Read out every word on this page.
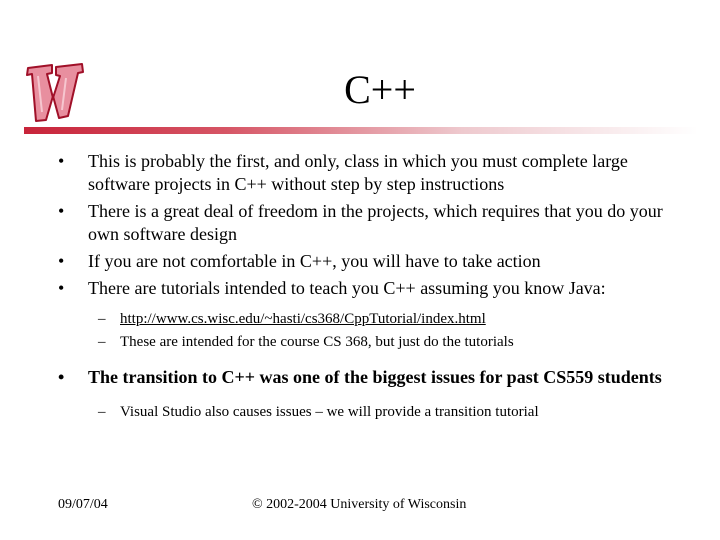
C++
• This is probably the first, and only, class in which you must complete large software projects in C++ without step by step instructions
• There is a great deal of freedom in the projects, which requires that you do your own software design
• If you are not comfortable in C++, you will have to take action
• There are tutorials intended to teach you C++ assuming you know Java:
– http://www.cs.wisc.edu/~hasti/cs368/CppTutorial/index.html
– These are intended for the course CS 368, but just do the tutorials
• The transition to C++ was one of the biggest issues for past CS559 students
– Visual Studio also causes issues – we will provide a transition tutorial
09/07/04	© 2002-2004 University of Wisconsin
